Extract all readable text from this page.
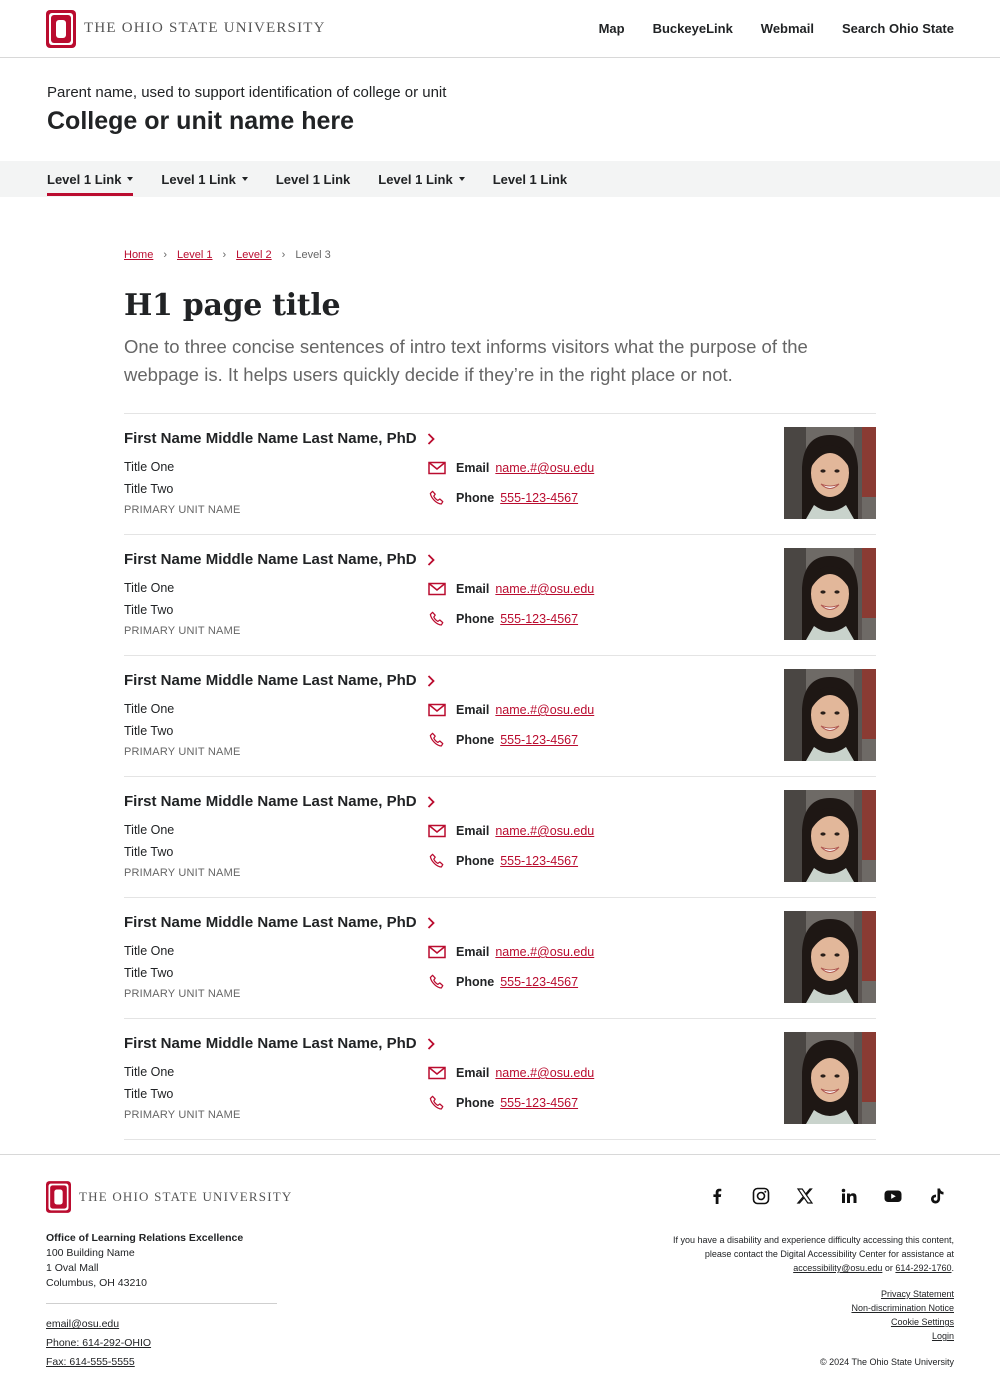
THE OHIO STATE UNIVERSITY	Map BuckeyeLink Webmail Search Ohio State
Parent name, used to support identification of college or unit
College or unit name here
Level 1 Link	Level 1 Link	Level 1 Link Level 1 Link	Level 1 Link
Home › Level 1 › Level 2 › Level 3
H1 page title

One to three concise sentences of intro text informs visitors what the purpose of the webpage is. It helps users quickly decide if they’re in the right place or not.

First Name Middle Name Last Name, PhD
Title One
Title Two
PRIMARY UNIT NAME
Email name.#@osu.edu
Phone 555-123-4567
First Name Middle Name Last Name, PhD
Title One
Title Two
PRIMARY UNIT NAME
Email name.#@osu.edu
Phone 555-123-4567
First Name Middle Name Last Name, PhD
Title One
Title Two
PRIMARY UNIT NAME
Email name.#@osu.edu
Phone 555-123-4567
First Name Middle Name Last Name, PhD
Title One
Title Two
PRIMARY UNIT NAME
Email name.#@osu.edu
Phone 555-123-4567
First Name Middle Name Last Name, PhD
Title One
Title Two
PRIMARY UNIT NAME
Email name.#@osu.edu
Phone 555-123-4567
First Name Middle Name Last Name, PhD
Title One
Title Two
PRIMARY UNIT NAME
Email name.#@osu.edu
Phone 555-123-4567
THE OHIO STATE UNIVERSITY
Office of Learning Relations Excellence
100 Building Name
1 Oval Mall
Columbus, OH 43210
email@osu.edu
Phone: 614-292-OHIO
Fax: 614-555-5555
If you have a disability and experience difficulty accessing this content,
please contact the Digital Accessibility Center for assistance at
accessibility@osu.edu or 614-292-1760.
Privacy Statement
Non-discrimination Notice
Cookie Settings
Login
© 2024 The Ohio State University
